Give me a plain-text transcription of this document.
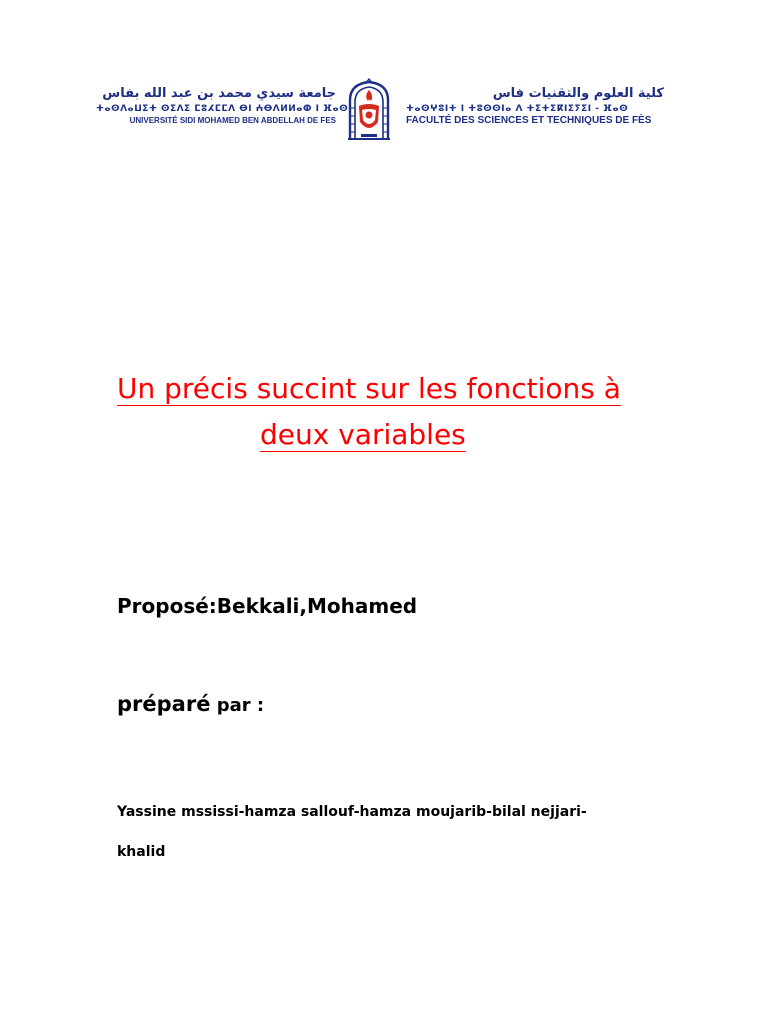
جامعة سيدي محمد بن عبد الله بفاس
ⵜⴰⵙⴷⴰⵡⵉⵜ ⵙⵉⴷⵉ ⵎⵓⵃⵎⵎⴷ ⴱⵏ ⵄⴱⴷⵍⵍⴰⵀ ⵏ ⴼⴰⵙ
UNIVERSITÉ SIDI MOHAMED BEN ABDELLAH DE FES
كلية العلوم والتقنيات فاس
ⵜⴰⵙⵖⵓⵏⵜ ⵏ ⵜⵓⵙⵙⵏⴰ ⴷ ⵜⵉⵜⵉⴽⵏⵉⵢⵉⵏ - ⴼⴰⵙ
FACULTÉ DES SCIENCES ET TECHNIQUES DE FÈS
Un précis succint sur les fonctions à
deux variables
Proposé:Bekkali,Mohamed
préparé par :
Yassine mssissi-hamza sallouf-hamza moujarib-bilal nejjari-
khalid
